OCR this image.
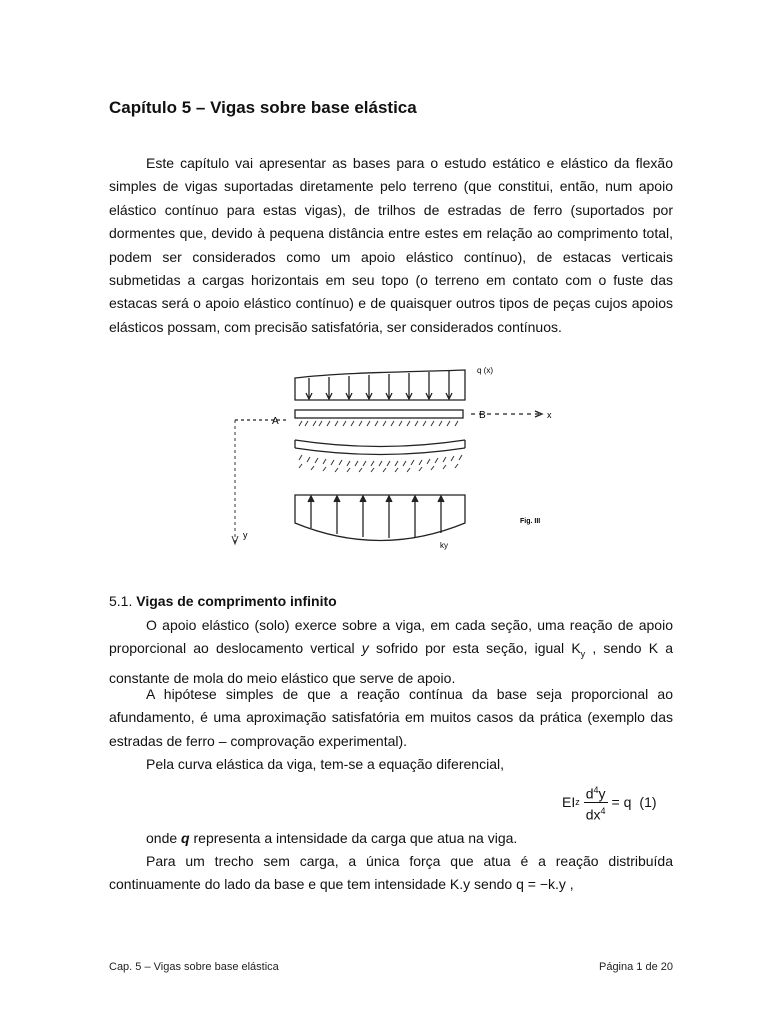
Capítulo 5 – Vigas sobre base elástica

Este capítulo vai apresentar as bases para o estudo estático e elástico da flexão simples de vigas suportadas diretamente pelo terreno (que constitui, então, num apoio elástico contínuo para estas vigas), de trilhos de estradas de ferro (suportados por dormentes que, devido à pequena distância entre estes em relação ao comprimento total, podem ser considerados como um apoio elástico contínuo), de estacas verticais submetidas a cargas horizontais em seu topo (o terreno em contato com o fuste das estacas será o apoio elástico contínuo) e de quaisquer outros tipos de peças cujos apoios elásticos possam, com precisão satisfatória, ser considerados contínuos.

q (x)
A
B	x
ky
y
Fig. III

5.1. Vigas de comprimento infinito

O apoio elástico (solo) exerce sobre a viga, em cada seção, uma reação de apoio proporcional ao deslocamento vertical y sofrido por esta seção, igual $K_y$ , sendo K a constante de mola do meio elástico que serve de apoio.

A hipótese simples de que a reação contínua da base seja proporcional ao afundamento, é uma aproximação satisfatória em muitos casos da prática (exemplo das estradas de ferro – comprovação experimental).

Pela curva elástica da viga, tem-se a equação diferencial,

EI z $\frac{d^4y}{dx^4} = q$ (1)

onde q representa a intensidade da carga que atua na viga.

Para um trecho sem carga, a única força que atua é a reação distribuída continuamente do lado da base e que tem intensidade K.y sendo q = −k.y ,

Cap. 5 – Vigas sobre base elástica	Página 1 de 20
